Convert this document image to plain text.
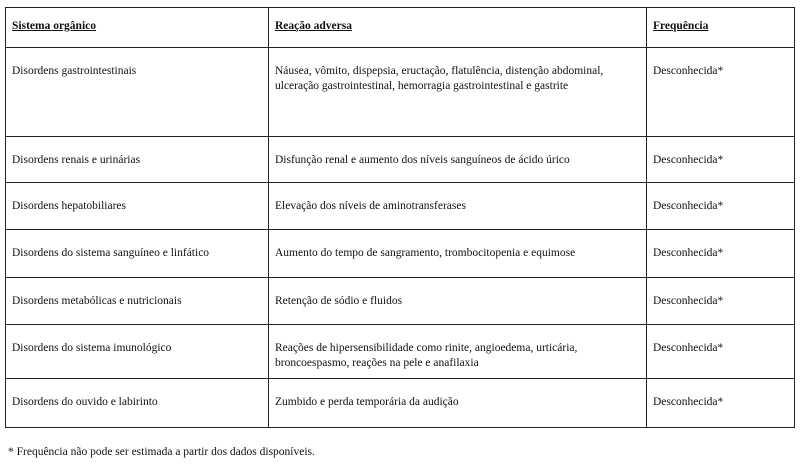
Sistema orgânico	Reação adversa	Frequência
Disordens gastrointestinais	Náusea, vômito, dispepsia, eructação, flatulência, distenção abdominal, ulceração gastrointestinal, hemorragia gastrointestinal e gastrite	Desconhecida*
Disordens renais e urinárias	Disfunção renal e aumento dos níveis sanguíneos de ácido úrico	Desconhecida*
Disordens hepatobiliares	Elevação dos níveis de aminotransferases	Desconhecida*
Disordens do sistema sanguíneo e linfático	Aumento do tempo de sangramento, trombocitopenia e equimose	Desconhecida*
Disordens metabólicas e nutricionais	Retenção de sódio e fluidos	Desconhecida*
Disordens do sistema imunológico	Reações de hipersensibilidade como rinite, angioedema, urticária, broncoespasmo, reações na pele e anafilaxia	Desconhecida*
Disordens do ouvido e labirinto	Zumbido e perda temporária da audição	Desconhecida*
* Frequência não pode ser estimada a partir dos dados disponíveis.
